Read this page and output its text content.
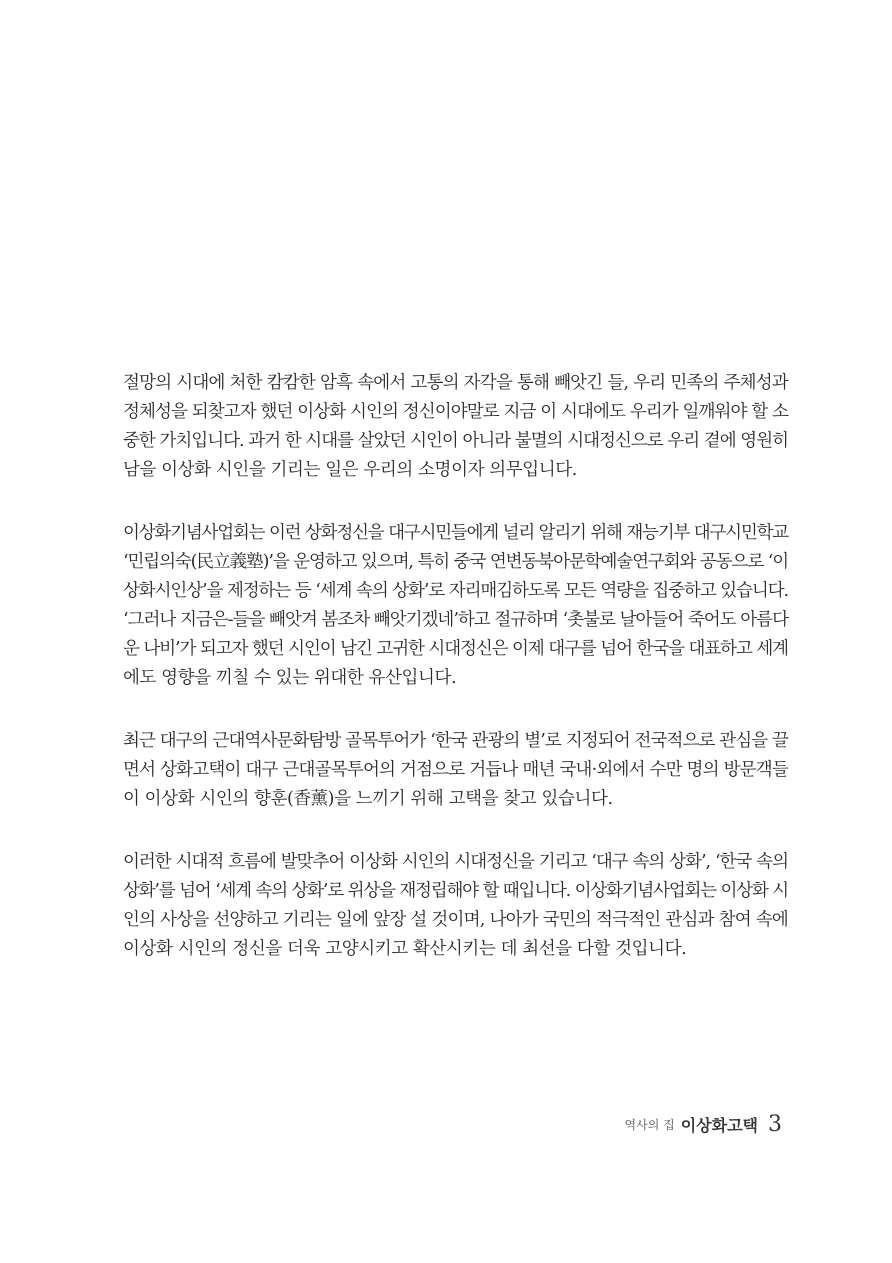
절망의 시대에 처한 캄캄한 암흑 속에서 고통의 자각을 통해 빼앗긴 들, 우리 민족의 주체성과
정체성을 되찾고자 했던 이상화 시인의 정신이야말로 지금 이 시대에도 우리가 일깨워야 할 소
중한 가치입니다. 과거 한 시대를 살았던 시인이 아니라 불멸의 시대정신으로 우리 곁에 영원히
남을 이상화 시인을 기리는 일은 우리의 소명이자 의무입니다.
이상화기념사업회는 이런 상화정신을 대구시민들에게 널리 알리기 위해 재능기부 대구시민학교
‘민립의숙(民立義塾)’을 운영하고 있으며, 특히 중국 연변동북아문학예술연구회와 공동으로 ‘이
상화시인상’을 제정하는 등 ‘세계 속의 상화’로 자리매김하도록 모든 역량을 집중하고 있습니다.
‘그러나 지금은-들을 빼앗겨 봄조차 빼앗기겠네’하고 절규하며 ‘촛불로 날아들어 죽어도 아름다
운 나비’가 되고자 했던 시인이 남긴 고귀한 시대정신은 이제 대구를 넘어 한국을 대표하고 세계
에도 영향을 끼칠 수 있는 위대한 유산입니다.
최근 대구의 근대역사문화탐방 골목투어가 ‘한국 관광의 별’로 지정되어 전국적으로 관심을 끌
면서 상화고택이 대구 근대골목투어의 거점으로 거듭나 매년 국내·외에서 수만 명의 방문객들
이 이상화 시인의 향훈(香薰)을 느끼기 위해 고택을 찾고 있습니다.
이러한 시대적 흐름에 발맞추어 이상화 시인의 시대정신을 기리고 ‘대구 속의 상화’, ‘한국 속의
상화’를 넘어 ‘세계 속의 상화’로 위상을 재정립해야 할 때입니다. 이상화기념사업회는 이상화 시
인의 사상을 선양하고 기리는 일에 앞장 설 것이며, 나아가 국민의 적극적인 관심과 참여 속에
이상화 시인의 정신을 더욱 고양시키고 확산시키는 데 최선을 다할 것입니다.
역사의 집 이상화고택 3
